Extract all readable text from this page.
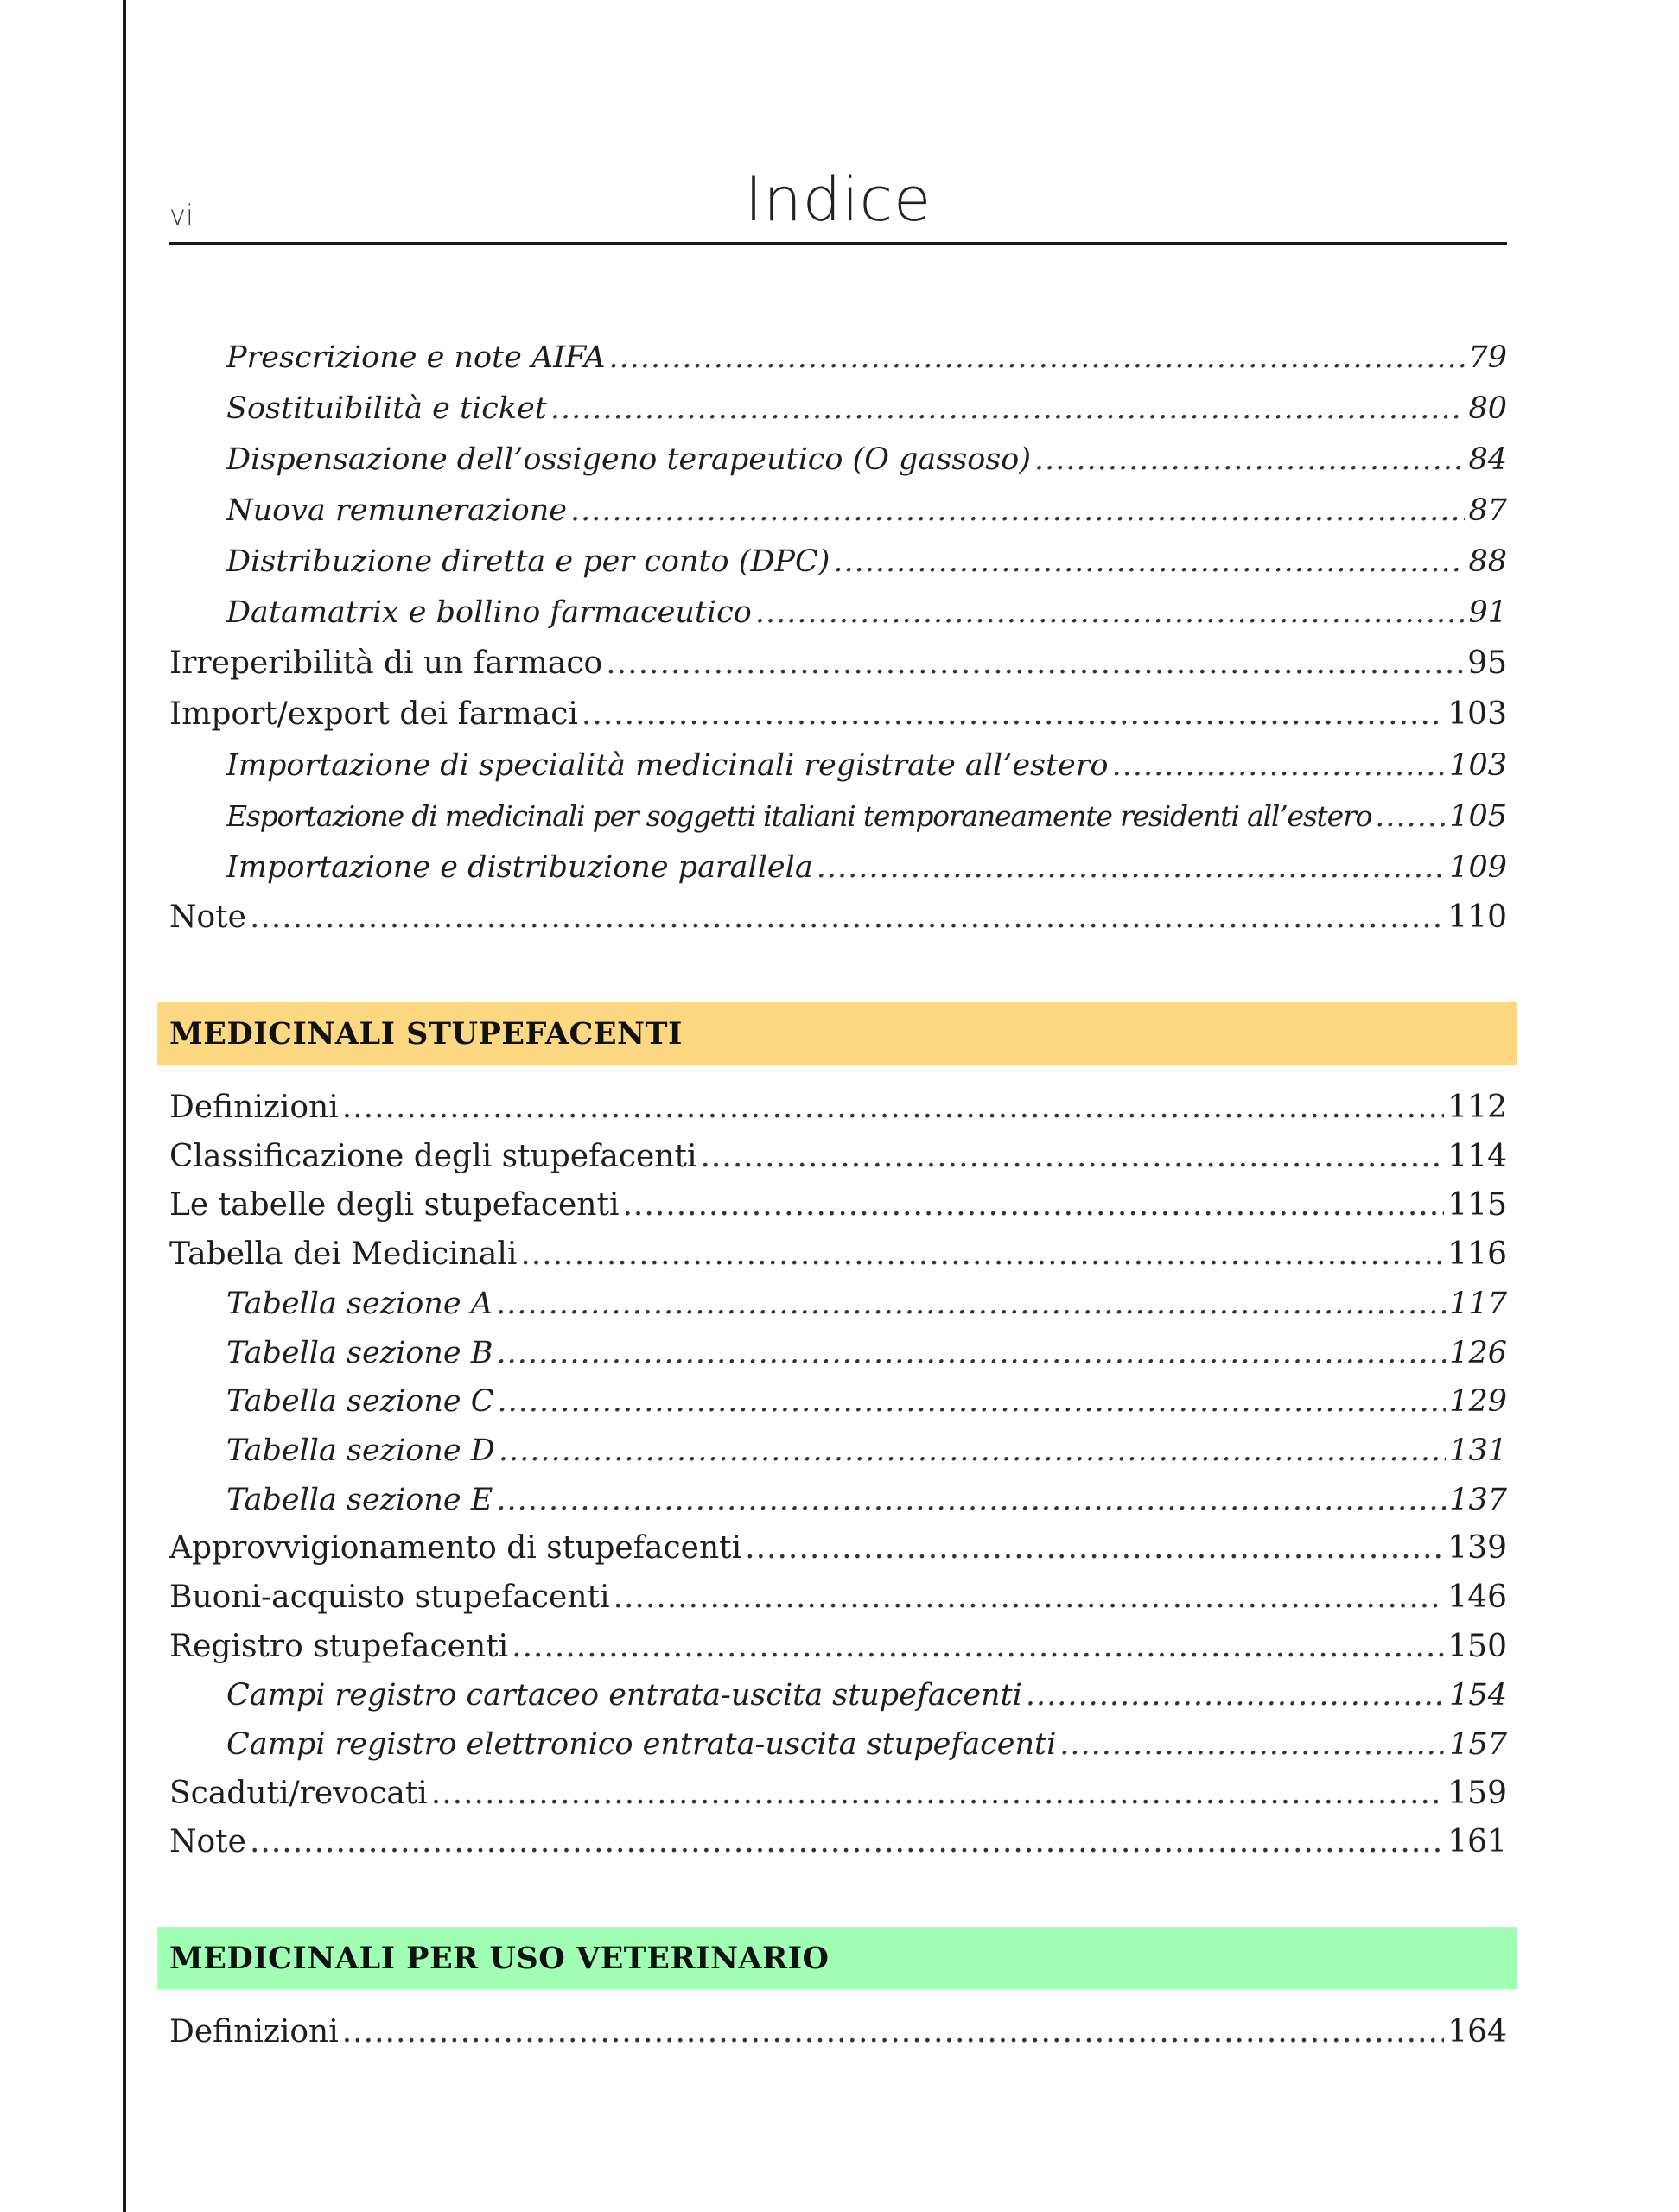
vi	Indice
Prescrizione e note AIFA .....	79
Sostituibilità e ticket .....	80
Dispensazione dell’ossigeno terapeutico (O gassoso) .....	84
Nuova remunerazione .....	87
Distribuzione diretta e per conto (DPC) .....	88
Datamatrix e bollino farmaceutico .....	91
Irreperibilità di un farmaco .....	95
Import/export dei farmaci .....	103
Importazione di specialità medicinali registrate all’estero .....	103
Esportazione di medicinali per soggetti italiani temporaneamente residenti all’estero .....	105
Importazione e distribuzione parallela .....	109
Note .....	110
MEDICINALI STUPEFACENTI
Definizioni .....	112
Classificazione degli stupefacenti .....	114
Le tabelle degli stupefacenti .....	115
Tabella dei Medicinali .....	116
Tabella sezione A .....	117
Tabella sezione B .....	126
Tabella sezione C .....	129
Tabella sezione D .....	131
Tabella sezione E .....	137
Approvvigionamento di stupefacenti .....	139
Buoni-acquisto stupefacenti .....	146
Registro stupefacenti .....	150
Campi registro cartaceo entrata-uscita stupefacenti .....	154
Campi registro elettronico entrata-uscita stupefacenti .....	157
Scaduti/revocati .....	159
Note .....	161
MEDICINALI PER USO VETERINARIO
Definizioni .....	164
